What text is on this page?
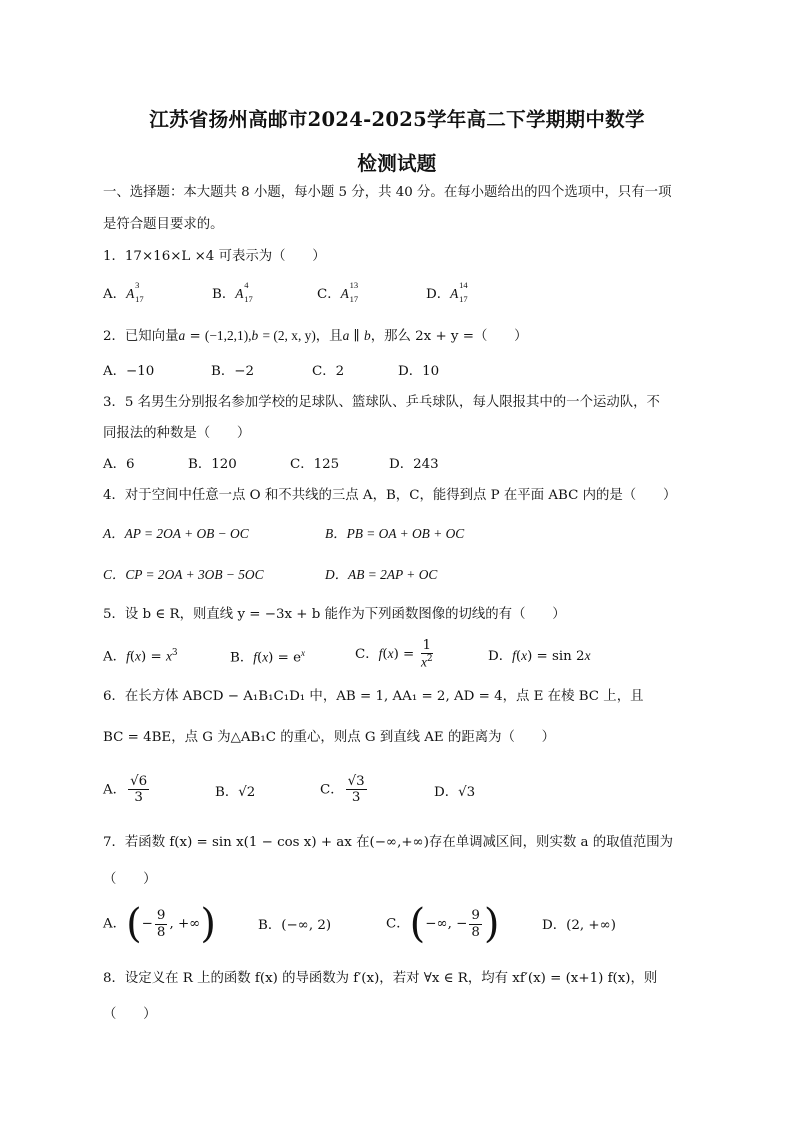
江苏省扬州高邮市2024-2025学年高二下学期期中数学
检测试题
一、选择题：本大题共 8 小题，每小题 5 分，共 40 分。在每小题给出的四个选项中，只有一项
是符合题目要求的。
1．17×16×L ×4 可表示为（　　）
A．A
3
17	B．A
4
17	C．A
13
17	D．A
14
17
2．已知向量a = (−1,2,1),b = (2, x, y)，且a ∥ b，那么 2x + y =（　　）
A．−10	B．−2	C．2	D．10
3．5 名男生分别报名参加学校的足球队、篮球队、乒乓球队，每人限报其中的一个运动队，不
同报法的种数是（　　）
A．6	B．120	C．125	D．243
4．对于空间中任意一点 O 和不共线的三点 A，B，C，能得到点 P 在平面 ABC 内的是（　　）
A．AP = 2OA + OB − OC	B．PB = OA + OB + OC
C．CP = 2OA + 3OB − 5OC	D．AB = 2AP + OC
5．设 b ∈ R，则直线 y = −3x + b 能作为下列函数图像的切线的有（　　）
A．$f(x) = x^3$	B．$f(x) = e^x$	C．$f(x) = \frac{1}{x^2}$	D．f(x) = sin 2x
6．在长方体 ABCD − A₁B₁C₁D₁ 中，AB = 1, AA₁ = 2, AD = 4，点 E 在棱 BC 上，且
BC = 4BE，点 G 为△AB₁C 的重心，则点 G 到直线 AE 的距离为（　　）
A． $\frac{√6}{3}$	B．√2	C． $\frac{√3}{3}$	D．√3
7．若函数 f(x) = sin x(1 − cos x) + ax 在(−∞,+∞)存在单调减区间，则实数 a 的取值范围为
（　　）
A．(− $\frac{9}{8}$ , +∞)	B．(−∞, 2)	C．(−∞, − $\frac{9}{8}$ )	D．(2, +∞)
8．设定义在 R 上的函数 f(x) 的导函数为 f′(x)，若对 ∀x ∈ R，均有 xf′(x) = (x+1) f(x)，则
（　　）
